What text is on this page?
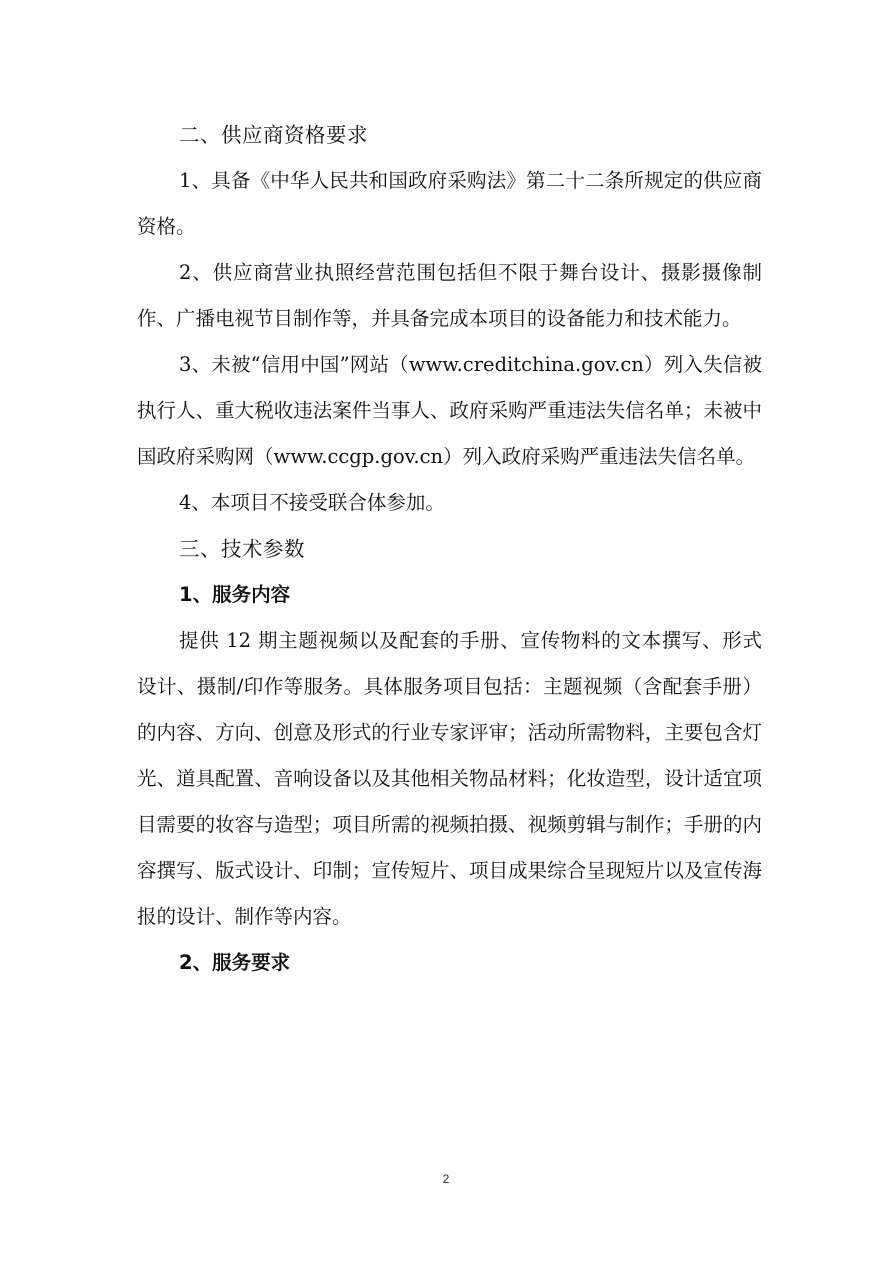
二、供应商资格要求

1、具备《中华人民共和国政府采购法》第二十二条所规定的供应商资格。

2、供应商营业执照经营范围包括但不限于舞台设计、摄影摄像制作、广播电视节目制作等，并具备完成本项目的设备能力和技术能力。

3、未被“信用中国”网站（www.creditchina.gov.cn）列入失信被执行人、重大税收违法案件当事人、政府采购严重违法失信名单；未被中国政府采购网（www.ccgp.gov.cn）列入政府采购严重违法失信名单。

4、本项目不接受联合体参加。

三、技术参数

1、服务内容

提供 12 期主题视频以及配套的手册、宣传物料的文本撰写、形式设计、摄制/印作等服务。具体服务项目包括：主题视频（含配套手册）的内容、方向、创意及形式的行业专家评审；活动所需物料，主要包含灯光、道具配置、音响设备以及其他相关物品材料；化妆造型，设计适宜项目需要的妆容与造型；项目所需的视频拍摄、视频剪辑与制作；手册的内容撰写、版式设计、印制；宣传短片、项目成果综合呈现短片以及宣传海报的设计、制作等内容。

2、服务要求

2
